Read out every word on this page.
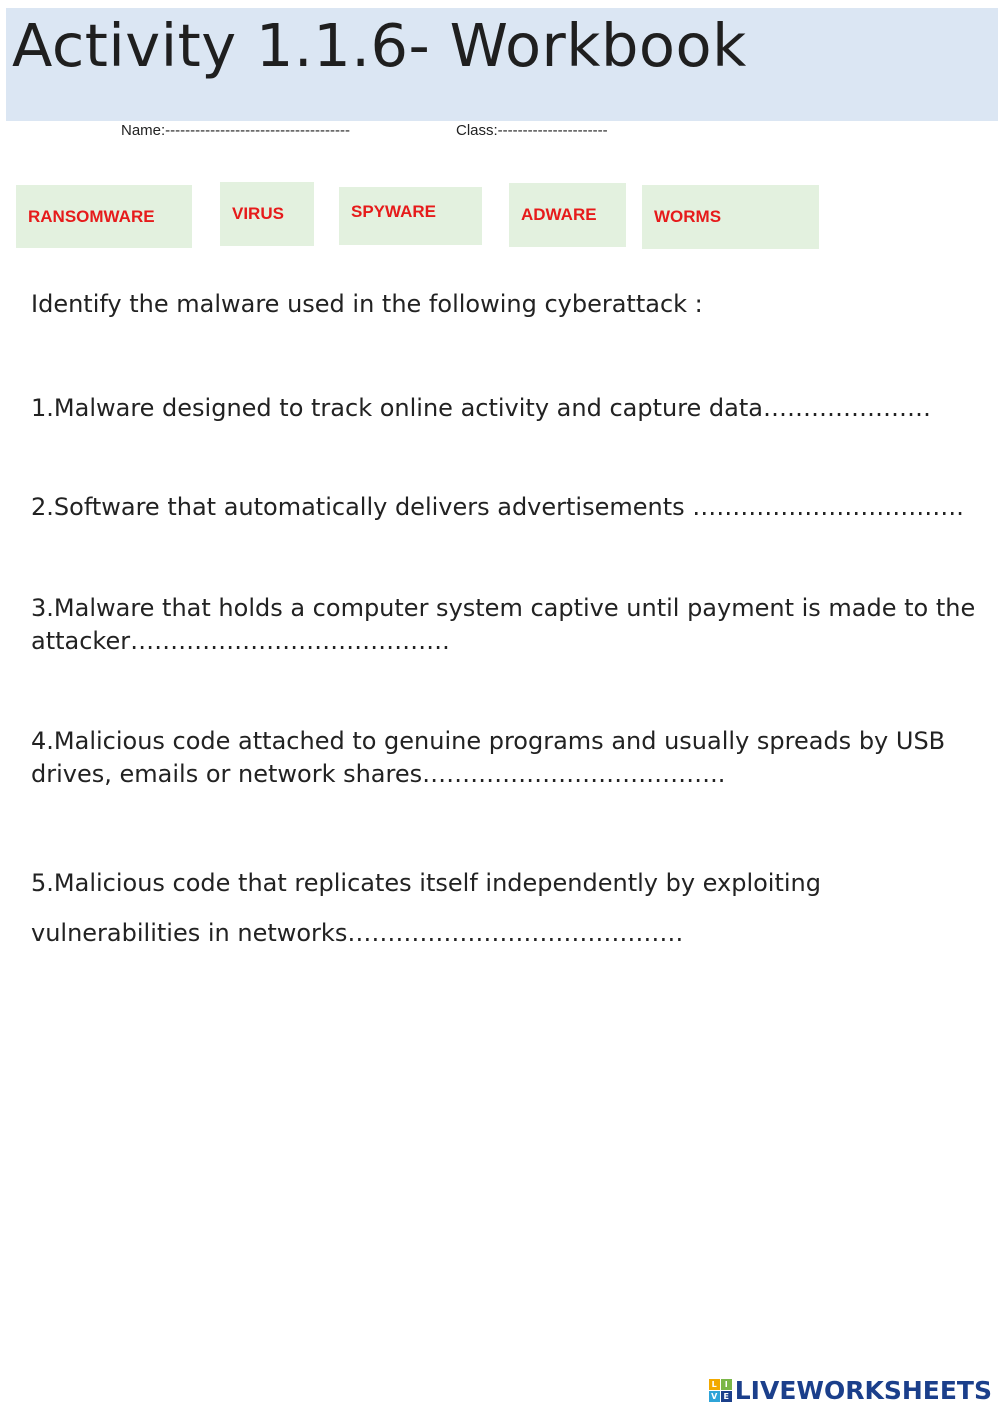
Activity 1.1.6- Workbook
Name:-------------------------------------	Class:----------------------
RANSOMWARE	VIRUS	SPYWARE	ADWARE	WORMS
Identify the malware used in the following cyberattack :
1.Malware designed to track online activity and capture data…………………
2.Software that automatically delivers advertisements …………………………….
3.Malware that holds a computer system captive until payment is made to the
attacker………………………………….
4.Malicious code attached to genuine programs and usually spreads by USB
drives, emails or network shares………………………………..
5.Malicious code that replicates itself independently by exploiting
vulnerabilities in networks……………………………………
L I
V E LIVEWORKSHEETS
